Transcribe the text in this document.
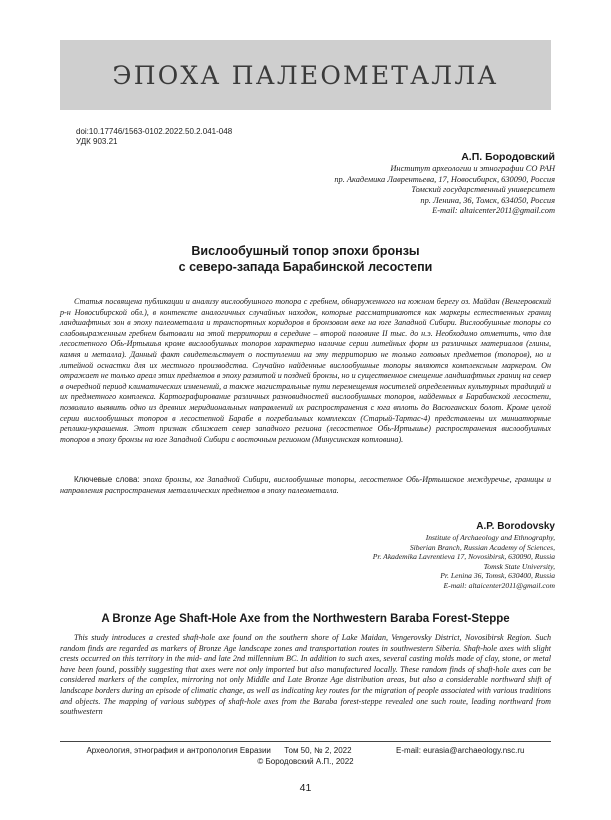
ЭПОХА ПАЛЕОМЕТАЛЛА
doi:10.17746/1563-0102.2022.50.2.041-048
УДК 903.21
А.П. Бородовский
Институт археологии и этнографии СО РАН
пр. Академика Лаврентьева, 17, Новосибирск, 630090, Россия
Томский государственный университет
пр. Ленина, 36, Томск, 634050, Россия
E-mail: altaicenter2011@gmail.com
Вислообушный топор эпохи бронзы
с северо-запада Барабинской лесостепи

Статья посвящена публикации и анализу вислообушного топора с гребнем, обнаруженного на южном берегу оз. Майдан (Венгеровский р-н Новосибирской обл.), в контексте аналогичных случайных находок, которые рассматриваются как маркеры естественных границ ландшафтных зон в эпоху палеометалла и транспортных коридоров в бронзовом веке на юге Западной Сибири. Вислообушные топоры со слабовыраженным гребнем бытовали на этой территории в середине – второй половине II тыс. до н.э. Необходимо отметить, что для лесостепного Обь-Иртышья кроме вислообушных топоров характерно наличие серии литейных форм из различных материалов (глины, камня и металла). Данный факт свидетельствует о поступлении на эту территорию не только готовых предметов (топоров), но и литейной оснастки для их местного производства. Случайно найденные вислообушные топоры являются комплексным маркером. Он отражает не только ареал этих предметов в эпоху развитой и поздней бронзы, но и существенное смещение ландшафтных границ на север в очередной период климатических изменений, а также магистральные пути перемещения носителей определенных культурных традиций и их предметного комплекса. Картографирование различных разновидностей вислообушных топоров, найденных в Барабинской лесостепи, позволило выявить одно из древних меридиональных направлений их распространения с юга вплоть до Васюганских болот. Кроме целой серии вислообушных топоров в лесостепной Барабе в погребальных комплексах (Старый-Тартас-4) представлены их миниатюрные реплики-украшения. Этот признак сближает север западного региона (лесостепное Обь-Иртышье) распространения вислообушных топоров в эпоху бронзы на юге Западной Сибири с восточным регионом (Минусинская котловина).

Ключевые слова: эпоха бронзы, юг Западной Сибири, вислообушные топоры, лесостепное Обь-Иртышское междуречье, границы и направления распространения металлических предметов в эпоху палеометалла.

A.P. Borodovsky
Institute of Archaeology and Ethnography,
Siberian Branch, Russian Academy of Sciences,
Pr. Akademika Lavrentieva 17, Novosibirsk, 630090, Russia
Tomsk State University,
Pr. Lenina 36, Tomsk, 630400, Russia
E-mail: altaicenter2011@gmail.com
A Bronze Age Shaft-Hole Axe from the Northwestern Baraba Forest-Steppe

This study introduces a crested shaft-hole axe found on the southern shore of Lake Maidan, Vengerovsky District, Novosibirsk Region. Such random finds are regarded as markers of Bronze Age landscape zones and transportation routes in southwestern Siberia. Shaft-hole axes with slight crests occurred on this territory in the mid- and late 2nd millennium BC. In addition to such axes, several casting molds made of clay, stone, or metal have been found, possibly suggesting that axes were not only imported but also manufactured locally. These random finds of shaft-hole axes can be considered markers of the complex, mirroring not only Middle and Late Bronze Age distribution areas, but also a considerable northward shift of landscape borders during an episode of climatic change, as well as indicating key routes for the migration of people associated with various traditions and objects. The mapping of various subtypes of shaft-hole axes from the Baraba forest-steppe revealed one such route, leading northward from southwestern

Археология, этнография и антропология Евразии Том 50, № 2, 2022	E-mail: eurasia@archaeology.nsc.ru
© Бородовский А.П., 2022
41
